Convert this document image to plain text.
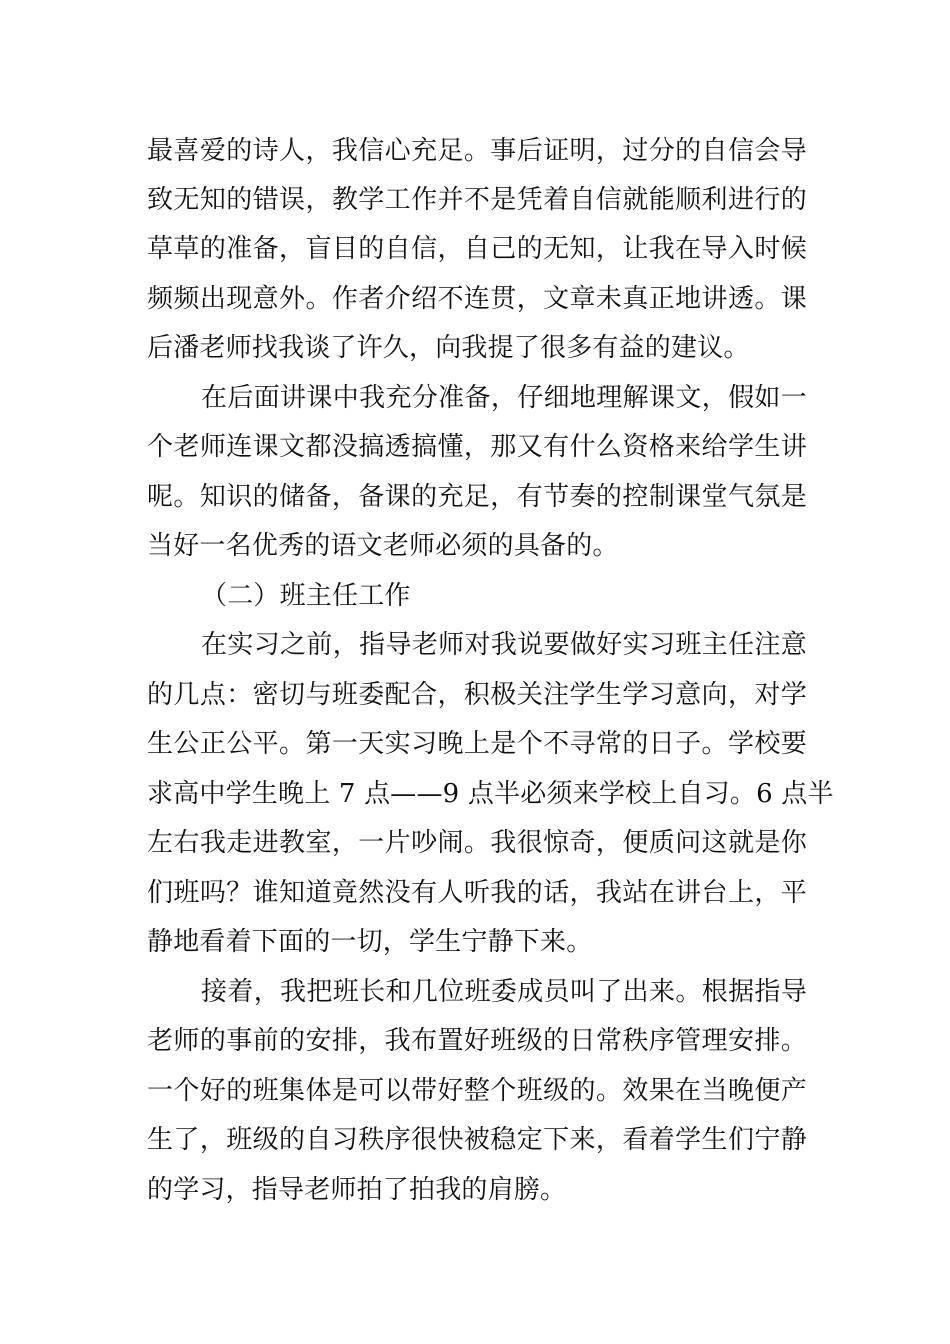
最喜爱的诗人，我信心充足。事后证明，过分的自信会导
致无知的错误，教学工作并不是凭着自信就能顺利进行的
草草的准备，盲目的自信，自己的无知，让我在导入时候
频频出现意外。作者介绍不连贯，文章未真正地讲透。课
后潘老师找我谈了许久，向我提了很多有益的建议。
在后面讲课中我充分准备，仔细地理解课文，假如一
个老师连课文都没搞透搞懂，那又有什么资格来给学生讲
呢。知识的储备，备课的充足，有节奏的控制课堂气氛是
当好一名优秀的语文老师必须的具备的。
（二）班主任工作
在实习之前，指导老师对我说要做好实习班主任注意
的几点：密切与班委配合，积极关注学生学习意向，对学
生公正公平。第一天实习晚上是个不寻常的日子。学校要
求高中学生晚上 7 点——9 点半必须来学校上自习。6 点半
左右我走进教室，一片吵闹。我很惊奇，便质问这就是你
们班吗？谁知道竟然没有人听我的话，我站在讲台上，平
静地看着下面的一切，学生宁静下来。
接着，我把班长和几位班委成员叫了出来。根据指导
老师的事前的安排，我布置好班级的日常秩序管理安排。
一个好的班集体是可以带好整个班级的。效果在当晚便产
生了，班级的自习秩序很快被稳定下来，看着学生们宁静
的学习，指导老师拍了拍我的肩膀。
